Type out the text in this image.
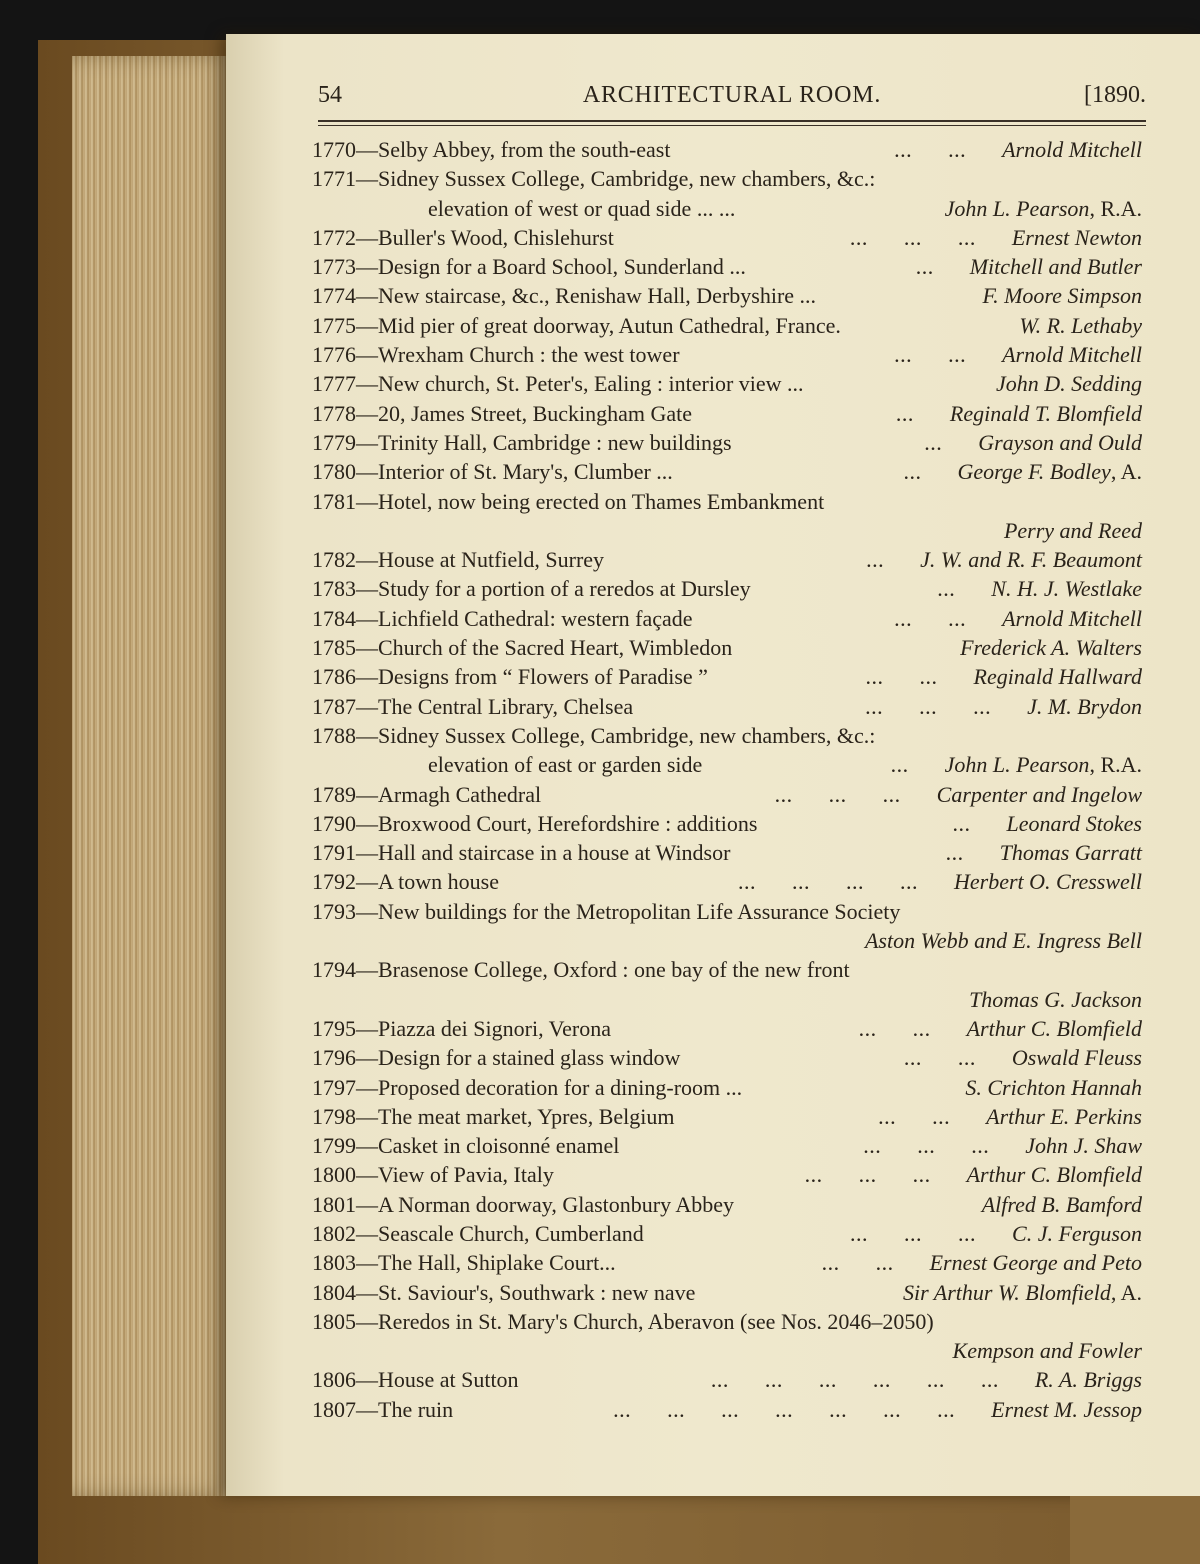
54	ARCHITECTURAL ROOM.	[1890.
1770—Selby Abbey, from the south-east	...      ...      Arnold Mitchell
1771—Sidney Sussex College, Cambridge, new chambers, &c.:
elevation of west or quad side ... ...	John L. Pearson, R.A.
1772—Buller's Wood, Chislehurst	...      ...      ...      Ernest Newton
1773—Design for a Board School, Sunderland ...	...      Mitchell and Butler
1774—New staircase, &c., Renishaw Hall, Derbyshire ...	F. Moore Simpson
1775—Mid pier of great doorway, Autun Cathedral, France.	W. R. Lethaby
1776—Wrexham Church : the west tower	...      ...      Arnold Mitchell
1777—New church, St. Peter's, Ealing : interior view ...	John D. Sedding
1778—20, James Street, Buckingham Gate	...      Reginald T. Blomfield
1779—Trinity Hall, Cambridge : new buildings	...      Grayson and Ould
1780—Interior of St. Mary's, Clumber ...	...      George F. Bodley, A.
1781—Hotel, now being erected on Thames Embankment
Perry and Reed
1782—House at Nutfield, Surrey	...      J. W. and R. F. Beaumont
1783—Study for a portion of a reredos at Dursley	...      N. H. J. Westlake
1784—Lichfield Cathedral: western façade	...      ...      Arnold Mitchell
1785—Church of the Sacred Heart, Wimbledon	Frederick A. Walters
1786—Designs from “ Flowers of Paradise ”	...      ...      Reginald Hallward
1787—The Central Library, Chelsea	...      ...      ...      J. M. Brydon
1788—Sidney Sussex College, Cambridge, new chambers, &c.:
elevation of east or garden side	...      John L. Pearson, R.A.
1789—Armagh Cathedral	...      ...      ...      Carpenter and Ingelow
1790—Broxwood Court, Herefordshire : additions	...      Leonard Stokes
1791—Hall and staircase in a house at Windsor	...      Thomas Garratt
1792—A town house	...      ...      ...      ...      Herbert O. Cresswell
1793—New buildings for the Metropolitan Life Assurance Society
Aston Webb and E. Ingress Bell
1794—Brasenose College, Oxford : one bay of the new front
Thomas G. Jackson
1795—Piazza dei Signori, Verona	...      ...      Arthur C. Blomfield
1796—Design for a stained glass window	...      ...      Oswald Fleuss
1797—Proposed decoration for a dining-room ...	S. Crichton Hannah
1798—The meat market, Ypres, Belgium	...      ...      Arthur E. Perkins
1799—Casket in cloisonné enamel	...      ...      ...      John J. Shaw
1800—View of Pavia, Italy	...      ...      ...      Arthur C. Blomfield
1801—A Norman doorway, Glastonbury Abbey	Alfred B. Bamford
1802—Seascale Church, Cumberland	...      ...      ...      C. J. Ferguson
1803—The Hall, Shiplake Court...	...      ...      Ernest George and Peto
1804—St. Saviour's, Southwark : new nave	Sir Arthur W. Blomfield, A.
1805—Reredos in St. Mary's Church, Aberavon (see Nos. 2046–2050)
Kempson and Fowler
1806—House at Sutton	...      ...      ...      ...      ...      ...      R. A. Briggs
1807—The ruin	...      ...      ...      ...      ...      ...      ...      Ernest M. Jessop
